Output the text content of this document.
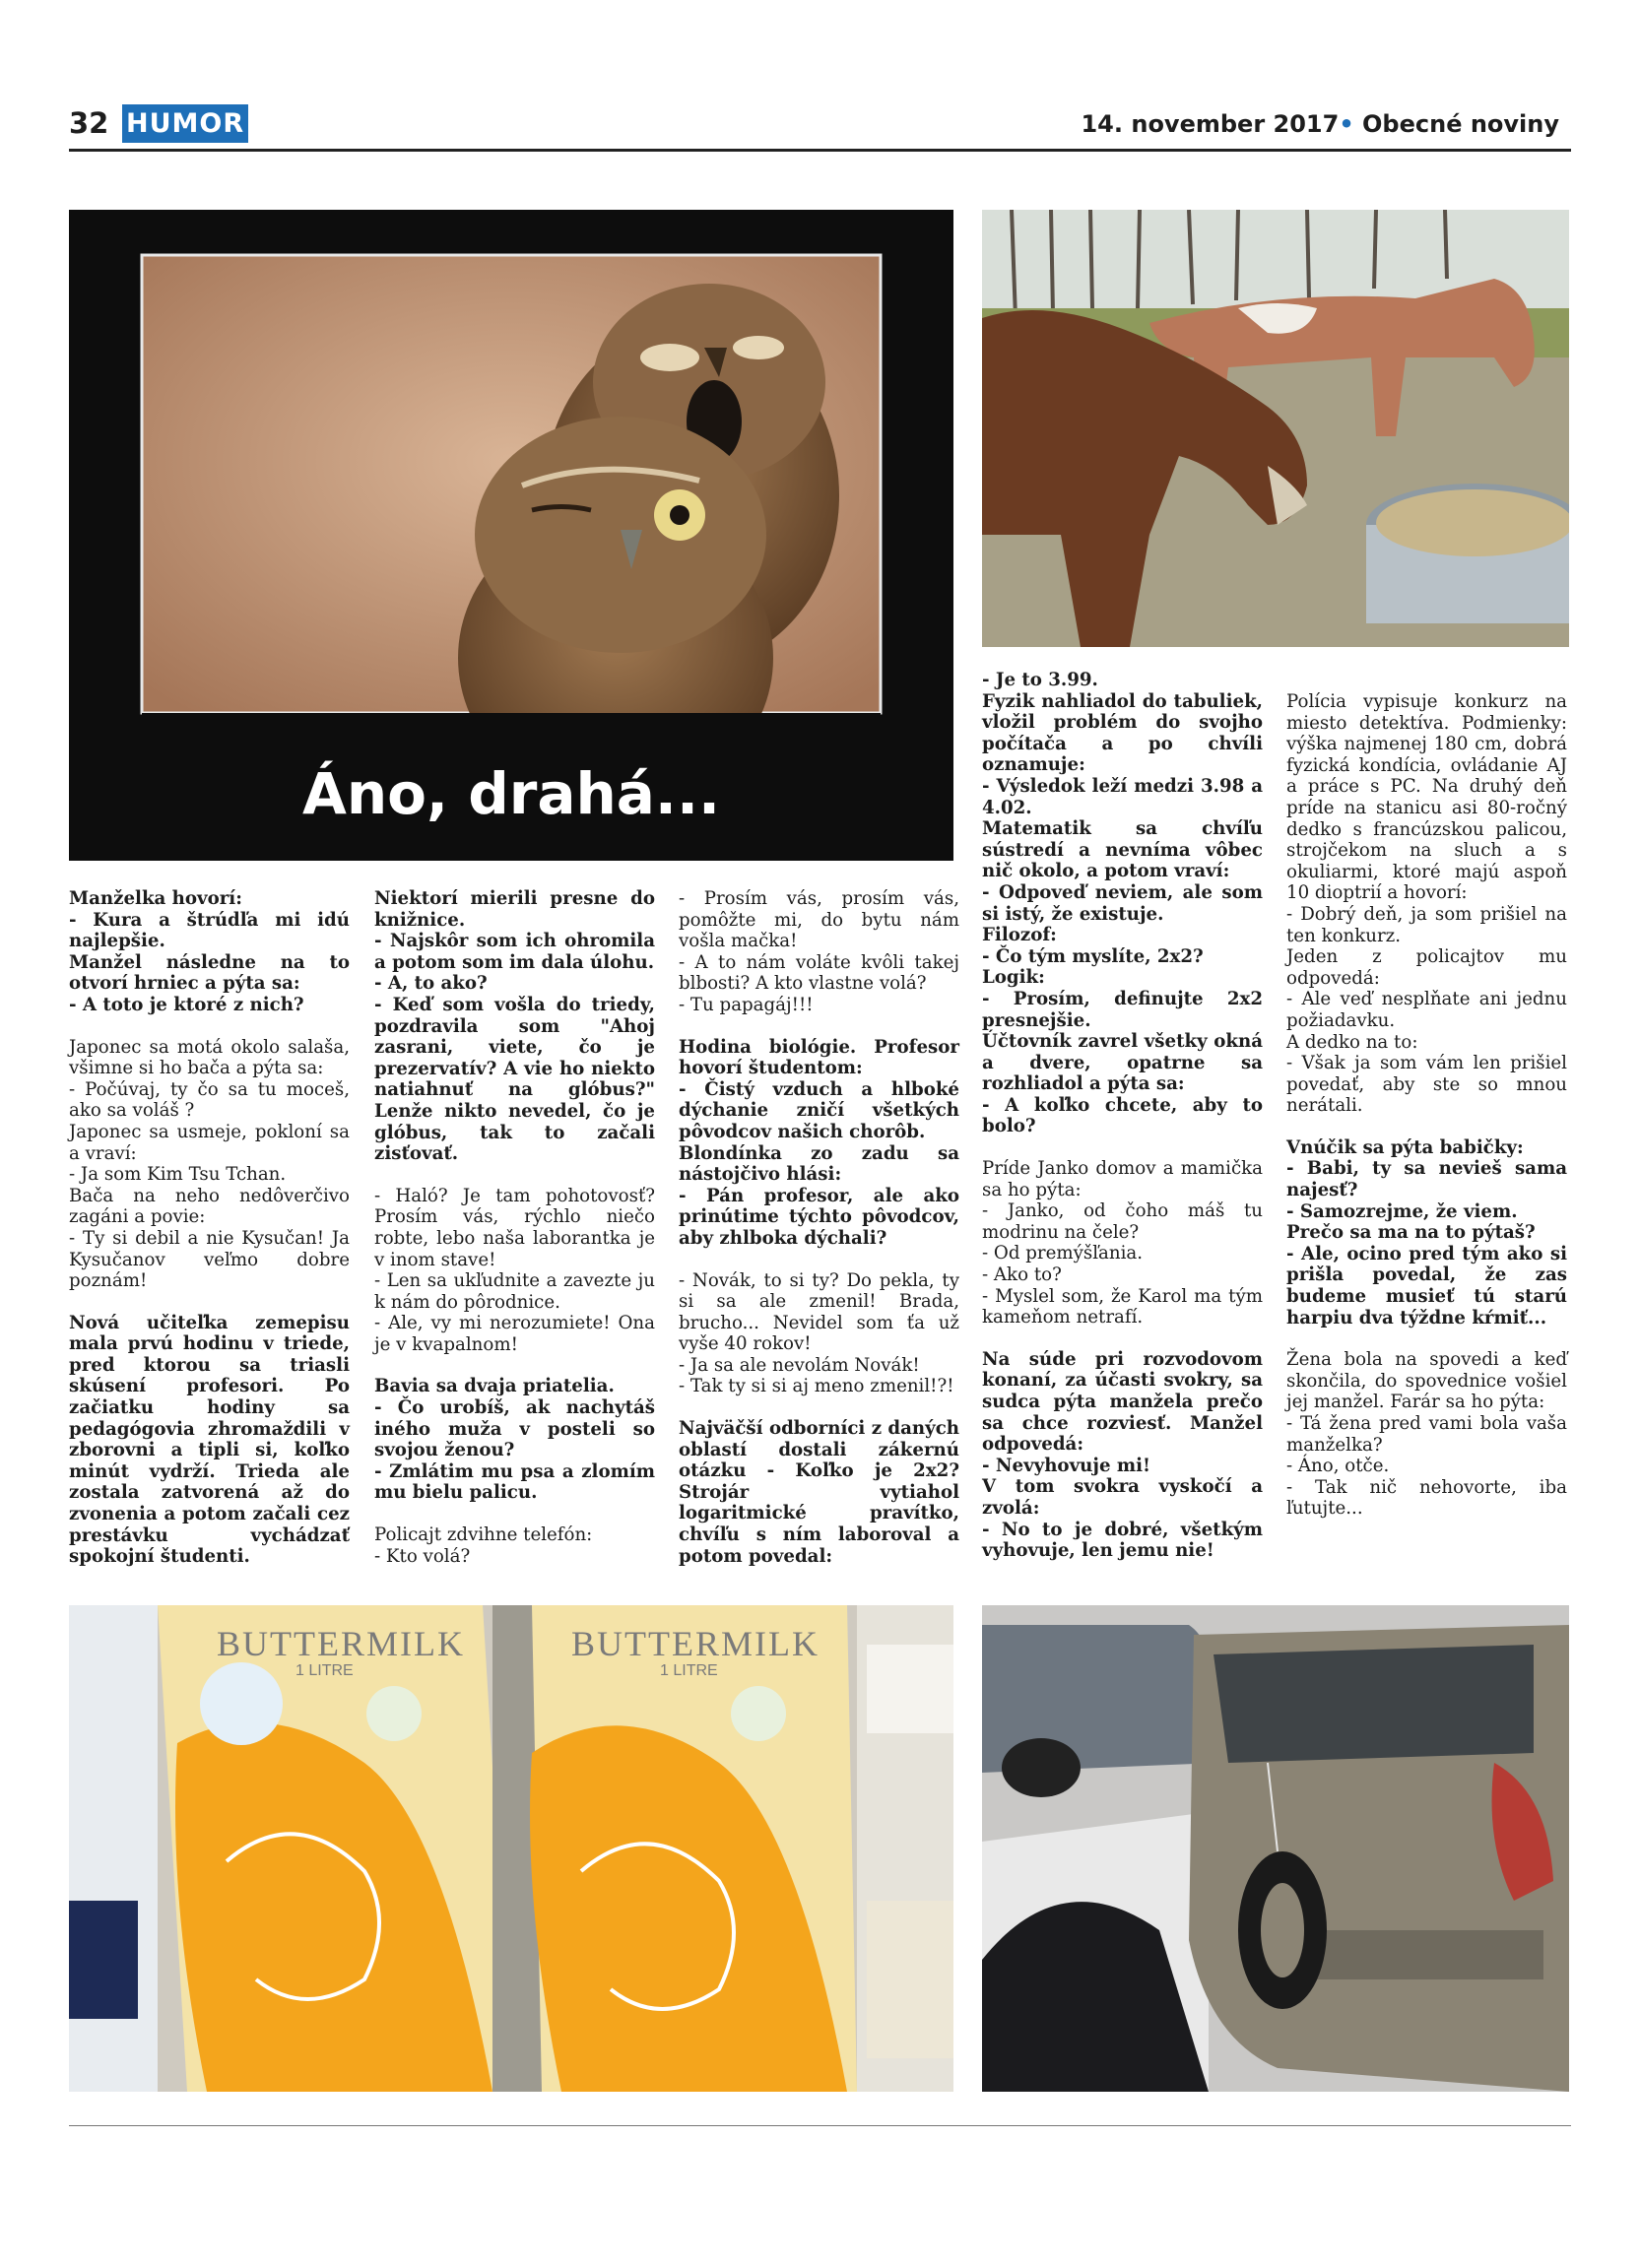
32 HUMOR	14. november 2017• Obecné noviny
Áno, drahá...

Manželka hovorí:
- Kura a štrúdľa mi idú najlepšie.
Manžel následne na to otvorí hrniec a pýta sa:
- A toto je ktoré z nich?

Japonec sa motá okolo salaša, všimne si ho bača a pýta sa:
- Počúvaj, ty čo sa tu moceš, ako sa voláš ?
Japonec sa usmeje, pokloní sa a vraví:
- Ja som Kim Tsu Tchan.
Bača na neho nedôverčivo zagáni a povie:
- Ty si debil a nie Kysučan! Ja Kysučanov veľmo dobre poznám!

Nová učiteľka zemepisu mala prvú hodinu v triede, pred ktorou sa triasli skúsení profesori. Po začiatku hodiny sa pedagógovia zhromaždili v zborovni a tipli si, koľko minút vydrží. Trieda ale zostala zatvorená až do zvonenia a potom začali cez prestávku vychádzať spokojní študenti.

Niektorí mierili presne do knižnice.
- Najskôr som ich ohromila a potom som im dala úlohu.
- A, to ako?
- Keď som vošla do triedy, pozdravila som "Ahoj zasrani, viete, čo je prezervatív? A vie ho niekto natiahnuť na glóbus?" Lenže nikto nevedel, čo je glóbus, tak to začali zisťovať.

- Haló? Je tam pohotovosť? Prosím vás, rýchlo niečo robte, lebo naša laborantka je v inom stave!
- Len sa ukľudnite a zavezte ju k nám do pôrodnice.
- Ale, vy mi nerozumiete! Ona je v kvapalnom!

Bavia sa dvaja priatelia.
- Čo urobíš, ak nachytáš iného muža v posteli so svojou ženou?
- Zmlátim mu psa a zlomím mu bielu palicu.

Policajt zdvihne telefón:
- Kto volá?

- Prosím vás, prosím vás, pomôžte mi, do bytu nám vošla mačka!
- A to nám voláte kvôli takej blbosti? A kto vlastne volá?
- Tu papagáj!!!

Hodina biológie. Profesor hovorí študentom:
- Čistý vzduch a hlboké dýchanie zničí všetkých pôvodcov našich chorôb.
Blondínka zo zadu sa nástojčivo hlási:
- Pán profesor, ale ako prinútime týchto pôvodcov, aby zhlboka dýchali?

- Novák, to si ty? Do pekla, ty si sa ale zmenil! Brada, brucho... Nevidel som ťa už vyše 40 rokov!
- Ja sa ale nevolám Novák!
- Tak ty si si aj meno zmenil!?!

Najväčší odborníci z daných oblastí dostali zákernú otázku - Koľko je 2x2? Strojár vytiahol logaritmické pravítko, chvíľu s ním laboroval a potom povedal:

- Je to 3.99.
Fyzik nahliadol do tabuliek, vložil problém do svojho počítača a po chvíli oznamuje:
- Výsledok leží medzi 3.98 a 4.02.
Matematik sa chvíľu sústredí a nevníma vôbec nič okolo, a potom vraví:
- Odpoveď neviem, ale som si istý, že existuje.
Filozof:
- Čo tým myslíte, 2x2?
Logik:
- Prosím, definujte 2x2 presnejšie.
Účtovník zavrel všetky okná a dvere, opatrne sa rozhliadol a pýta sa:
- A koľko chcete, aby to bolo?

Príde Janko domov a mamička sa ho pýta:
- Janko, od čoho máš tu modrinu na čele?
- Od premýšľania.
- Ako to?
- Myslel som, že Karol ma tým kameňom netrafí.

Na súde pri rozvodovom konaní, za účasti svokry, sa sudca pýta manžela prečo sa chce rozviesť. Manžel odpovedá:
- Nevyhovuje mi!
V tom svokra vyskočí a zvolá:
- No to je dobré, všetkým vyhovuje, len jemu nie!

Polícia vypisuje konkurz na miesto detektíva. Podmienky: výška najmenej 180 cm, dobrá fyzická kondícia, ovládanie AJ a práce s PC. Na druhý deň príde na stanicu asi 80-ročný dedko s francúzskou palicou, strojčekom na sluch a s okuliarmi, ktoré majú aspoň 10 dioptrií a hovorí:
- Dobrý deň, ja som prišiel na ten konkurz.
Jeden z policajtov mu odpovedá:
- Ale veď nesplňate ani jednu požiadavku.
A dedko na to:
- Však ja som vám len prišiel povedať, aby ste so mnou nerátali.

Vnúčik sa pýta babičky:
- Babi, ty sa nevieš sama najesť?
- Samozrejme, že viem.
Prečo sa ma na to pýtaš?
- Ale, ocino pred tým ako si prišla povedal, že zas budeme musieť tú starú harpiu dva týždne kŕmiť...

Žena bola na spovedi a keď skončila, do spovednice vošiel jej manžel. Farár sa ho pýta:
- Tá žena pred vami bola vaša manželka?
- Áno, otče.
- Tak nič nehovorte, iba ľutujte...

BUTTERMILK
1 LITRE
BUTTERMILK
1 LITRE
